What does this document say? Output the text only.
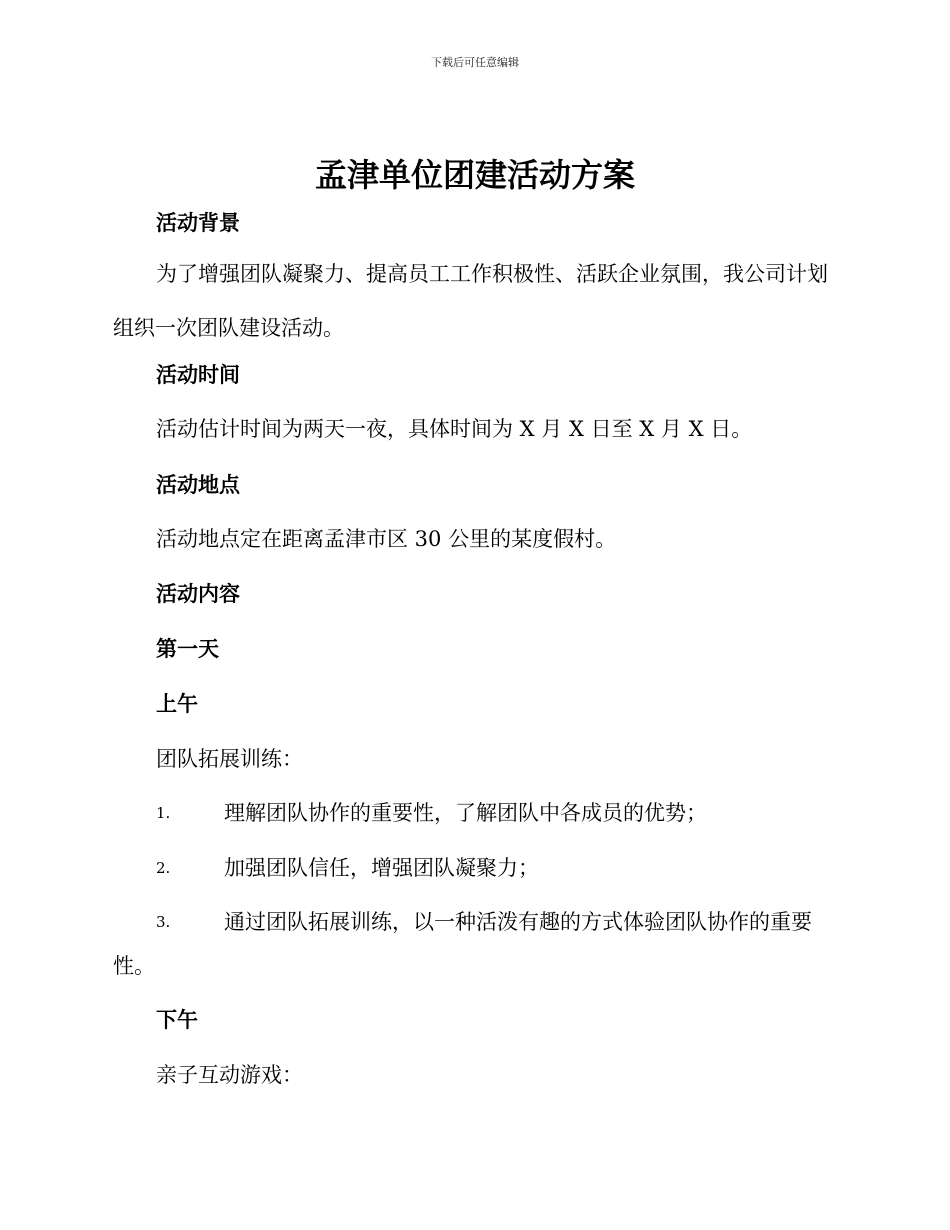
下载后可任意编辑
孟津单位团建活动方案
活动背景
为了增强团队凝聚力、提高员工工作积极性、活跃企业氛围，我公司计划组织一次团队建设活动。
活动时间
活动估计时间为两天一夜，具体时间为 X 月 X 日至 X 月 X 日。
活动地点
活动地点定在距离孟津市区 30 公里的某度假村。
活动内容
第一天
上午
团队拓展训练：
1.	理解团队协作的重要性，了解团队中各成员的优势；
2.	加强团队信任，增强团队凝聚力；
3.	通过团队拓展训练，以一种活泼有趣的方式体验团队协作的重要
性。
下午
亲子互动游戏：
